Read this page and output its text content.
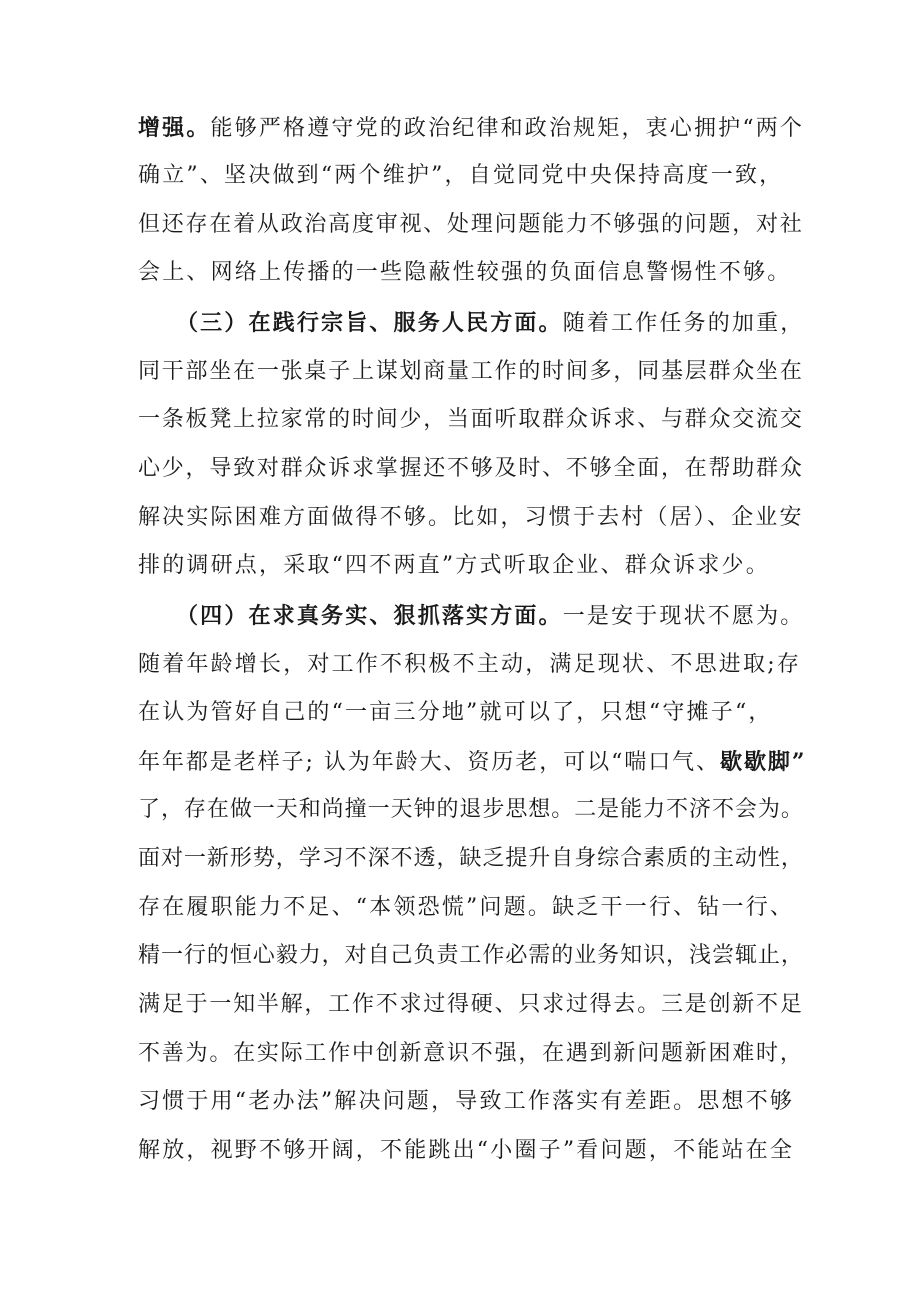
增强。能够严格遵守党的政治纪律和政治规矩，衷心拥护“两个
确立”、坚决做到“两个维护”，自觉同党中央保持高度一致，
但还存在着从政治高度审视、处理问题能力不够强的问题，对社
会上、网络上传播的一些隐蔽性较强的负面信息警惕性不够。
（三）在践行宗旨、服务人民方面。随着工作任务的加重，
同干部坐在一张桌子上谋划商量工作的时间多，同基层群众坐在
一条板凳上拉家常的时间少，当面听取群众诉求、与群众交流交
心少，导致对群众诉求掌握还不够及时、不够全面，在帮助群众
解决实际困难方面做得不够。比如，习惯于去村（居）、企业安
排的调研点，采取“四不两直”方式听取企业、群众诉求少。
（四）在求真务实、狠抓落实方面。一是安于现状不愿为。
随着年龄增长，对工作不积极不主动，满足现状、不思进取;存
在认为管好自己的“一亩三分地”就可以了，只想“守摊子“，
年年都是老样子; 认为年龄大、资历老，可以“喘口气、歇歇脚”
了，存在做一天和尚撞一天钟的退步思想。二是能力不济不会为。
面对一新形势，学习不深不透，缺乏提升自身综合素质的主动性，
存在履职能力不足、“本领恐慌”问题。缺乏干一行、钻一行、
精一行的恒心毅力，对自己负责工作必需的业务知识，浅尝辄止，
满足于一知半解，工作不求过得硬、只求过得去。三是创新不足
不善为。在实际工作中创新意识不强，在遇到新问题新困难时，
习惯于用“老办法”解决问题，导致工作落实有差距。思想不够
解放，视野不够开阔，不能跳出“小圈子”看问题，不能站在全
